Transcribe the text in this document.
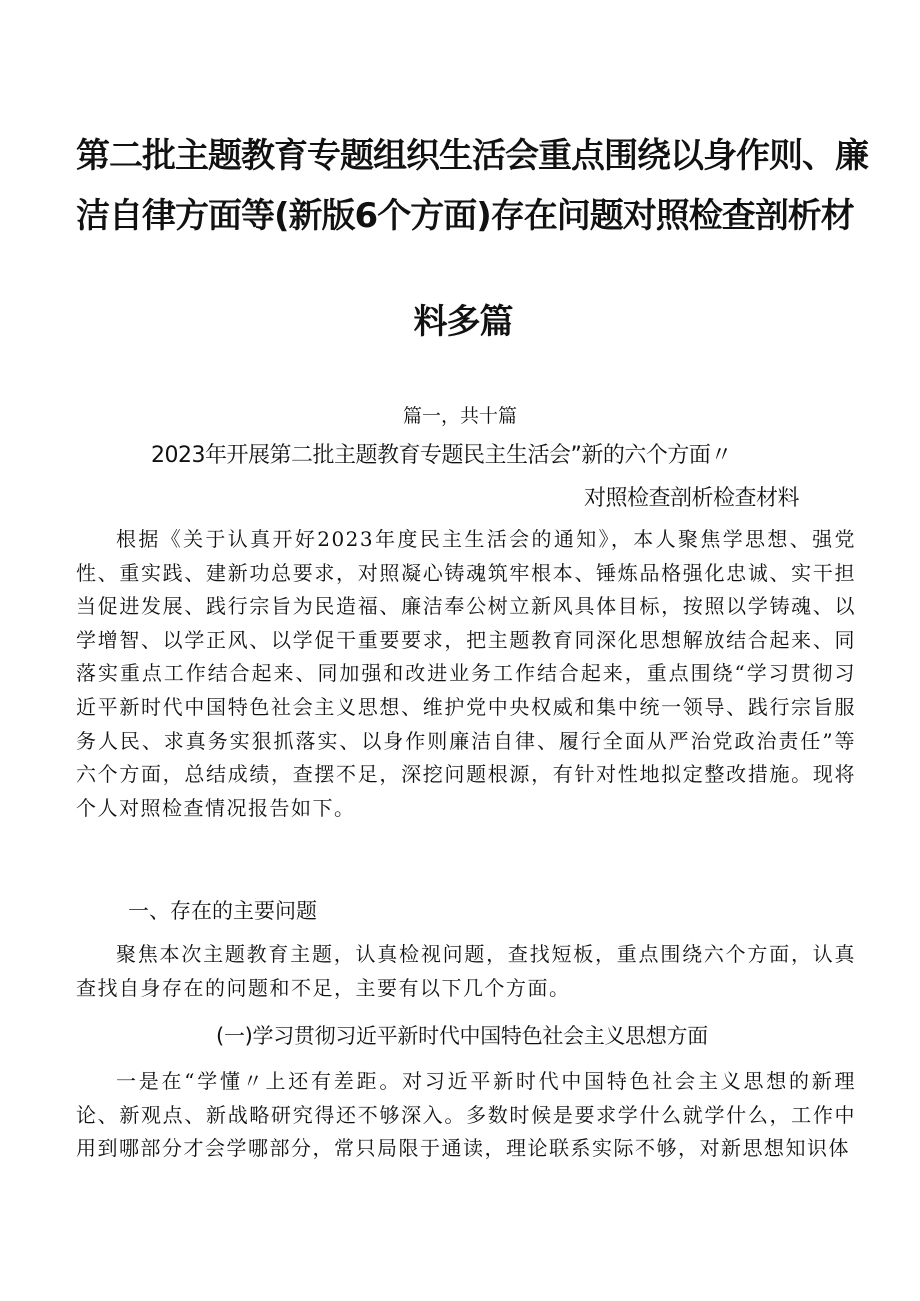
第二批主题教育专题组织生活会重点围绕以身作则、廉
洁自律方面等(新版6个方面)存在问题对照检查剖析材
料多篇
篇一，共十篇
2023年开展第二批主题教育专题民主生活会”新的六个方面〃
对照检查剖析检查材料
根据《关于认真开好2023年度民主生活会的通知》，本人聚焦学思想、强党性、重实践、建新功总要求，对照凝心铸魂筑牢根本、锤炼品格强化忠诚、实干担当促进发展、践行宗旨为民造福、廉洁奉公树立新风具体目标，按照以学铸魂、以学增智、以学正风、以学促干重要要求，把主题教育同深化思想解放结合起来、同落实重点工作结合起来、同加强和改进业务工作结合起来，重点围绕“学习贯彻习近平新时代中国特色社会主义思想、维护党中央权威和集中统一领导、践行宗旨服务人民、求真务实狠抓落实、以身作则廉洁自律、履行全面从严治党政治责任”等六个方面，总结成绩，查摆不足，深挖问题根源，有针对性地拟定整改措施。现将个人对照检查情况报告如下。
一、存在的主要问题
聚焦本次主题教育主题，认真检视问题，查找短板，重点围绕六个方面，认真查找自身存在的问题和不足，主要有以下几个方面。
(一)学习贯彻习近平新时代中国特色社会主义思想方面
一是在“学懂〃上还有差距。对习近平新时代中国特色社会主义思想的新理论、新观点、新战略研究得还不够深入。多数时候是要求学什么就学什么，工作中用到哪部分才会学哪部分，常只局限于通读，理论联系实际不够，对新思想知识体
